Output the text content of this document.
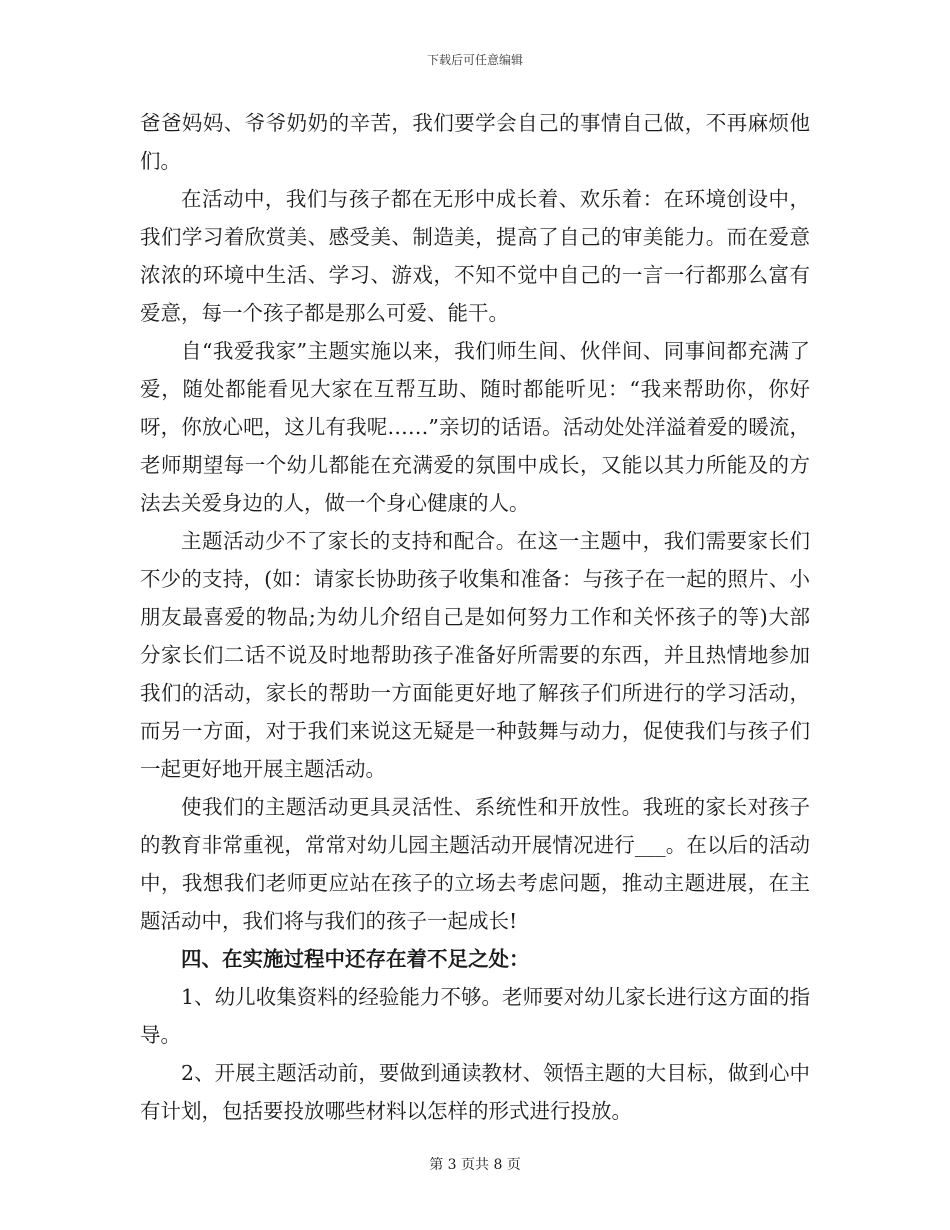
下载后可任意编辑

爸爸妈妈、爷爷奶奶的辛苦，我们要学会自己的事情自己做，不再麻烦他们。

在活动中，我们与孩子都在无形中成长着、欢乐着：在环境创设中，我们学习着欣赏美、感受美、制造美，提高了自己的审美能力。而在爱意浓浓的环境中生活、学习、游戏，不知不觉中自己的一言一行都那么富有爱意，每一个孩子都是那么可爱、能干。

自“我爱我家”主题实施以来，我们师生间、伙伴间、同事间都充满了爱，随处都能看见大家在互帮互助、随时都能听见：“我来帮助你，你好呀，你放心吧，这儿有我呢……”亲切的话语。活动处处洋溢着爱的暖流，老师期望每一个幼儿都能在充满爱的氛围中成长，又能以其力所能及的方法去关爱身边的人，做一个身心健康的人。

主题活动少不了家长的支持和配合。在这一主题中，我们需要家长们不少的支持，(如：请家长协助孩子收集和准备：与孩子在一起的照片、小朋友最喜爱的物品;为幼儿介绍自己是如何努力工作和关怀孩子的等)大部分家长们二话不说及时地帮助孩子准备好所需要的东西，并且热情地参加我们的活动，家长的帮助一方面能更好地了解孩子们所进行的学习活动，而另一方面，对于我们来说这无疑是一种鼓舞与动力，促使我们与孩子们一起更好地开展主题活动。

使我们的主题活动更具灵活性、系统性和开放性。我班的家长对孩子的教育非常重视，常常对幼儿园主题活动开展情况进行___。在以后的活动中，我想我们老师更应站在孩子的立场去考虑问题，推动主题进展，在主题活动中，我们将与我们的孩子一起成长!

四、在实施过程中还存在着不足之处：

1、幼儿收集资料的经验能力不够。老师要对幼儿家长进行这方面的指导。

2、开展主题活动前，要做到通读教材、领悟主题的大目标，做到心中有计划，包括要投放哪些材料以怎样的形式进行投放。

第 3 页共 8 页
